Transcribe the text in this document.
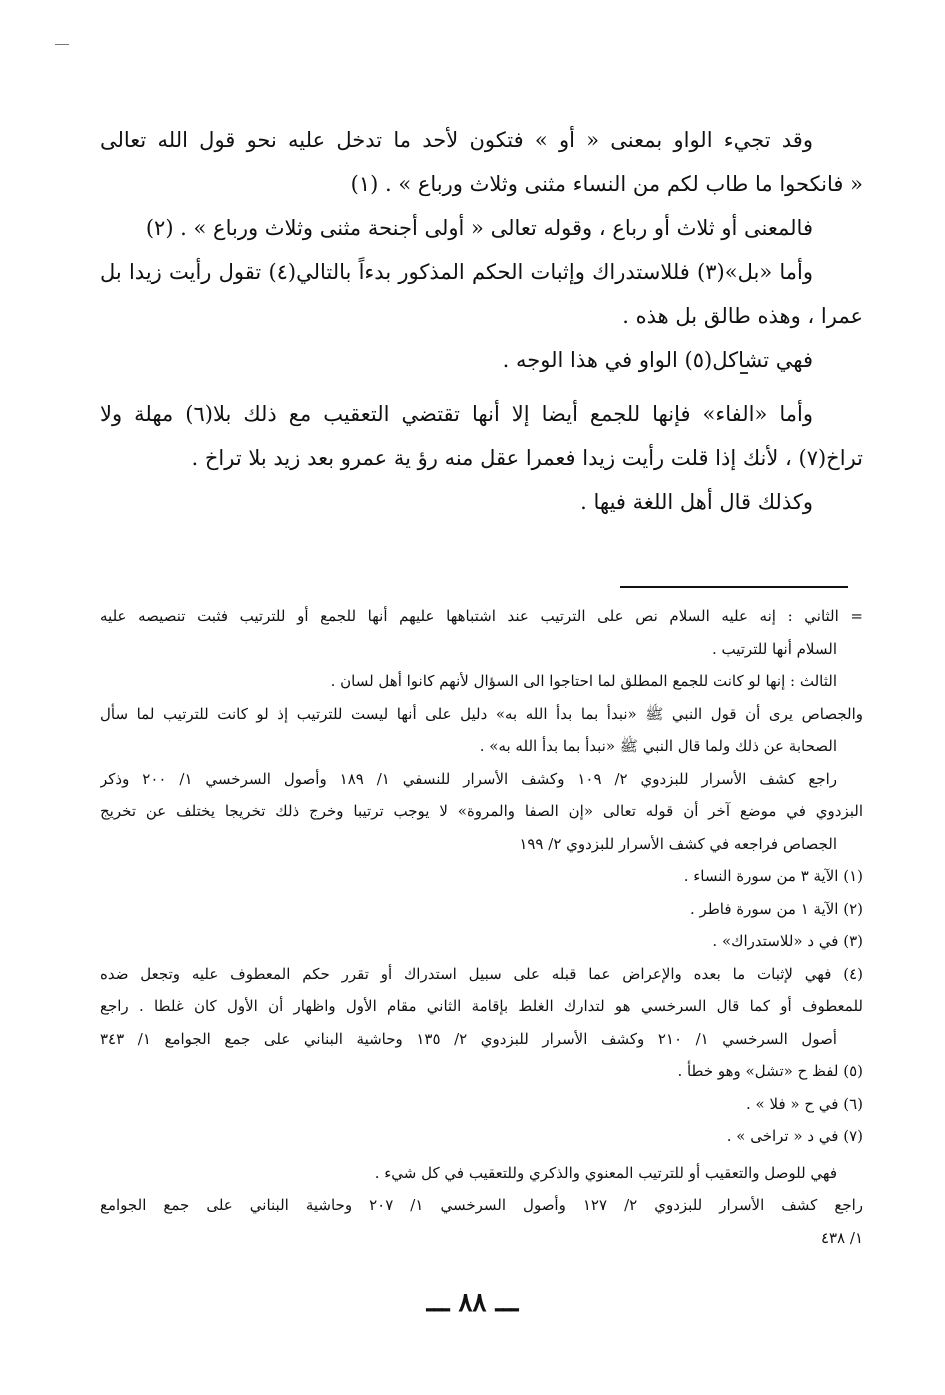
وقد تجيء الواو بمعنى « أو » فتكون لأحد ما تدخل عليه نحو قول الله تعالى
« فانكحوا ما طاب لكم من النساء مثنى وثلاث ورباع » . (١)
فالمعنى أو ثلاث أو رباع ، وقوله تعالى « أولى أجنحة مثنى وثلاث ورباع » . (٢)
وأما «بل»(٣) فللاستدراك وإثبات الحكم المذكور بدءاً بالتالي(٤) تقول رأيت زيدا بل
عمرا ، وهذه طالق بل هذه .
فهي تشاكل(٥) الواو في هذا الوجه .
وأما «الفاء» فإنها للجمع أيضا إلا أنها تقتضي التعقيب مع ذلك بلا(٦) مهلة ولا
تراخ(٧) ، لأنك إذا قلت رأيت زيدا فعمرا عقل منه رؤ ية عمرو بعد زيد بلا تراخ .
وكذلك قال أهل اللغة فيها .
= الثاني : إنه عليه السلام نص على الترتيب عند اشتباهها عليهم أنها للجمع أو للترتيب فثبت تنصيصه عليه
السلام أنها للترتيب .
الثالث : إنها لو كانت للجمع المطلق لما احتاجوا الى السؤال لأنهم كانوا أهل لسان .
والجصاص يرى أن قول النبي ﷺ «نبدأ بما بدأ الله به» دليل على أنها ليست للترتيب إذ لو كانت للترتيب لما سأل
الصحابة عن ذلك ولما قال النبي ﷺ «نبدأ بما بدأ الله به» .
راجع كشف الأسرار للبزدوي ٢/ ١٠٩ وكشف الأسرار للنسفي ١/ ١٨٩ وأصول السرخسي ١/ ٢٠٠ وذكر
البزدوي في موضع آخر أن قوله تعالى «إن الصفا والمروة» لا يوجب ترتيبا وخرج ذلك تخريجا يختلف عن تخريج
الجصاص فراجعه في كشف الأسرار للبزدوي ٢/ ١٩٩
(١) الآية ٣ من سورة النساء .
(٢) الآية ١ من سورة فاطر .
(٣) في د «للاستدراك» .
(٤) فهي لإثبات ما بعده والإعراض عما قبله على سبيل استدراك أو تقرر حكم المعطوف عليه وتجعل ضده
للمعطوف أو كما قال السرخسي هو لتدارك الغلط بإقامة الثاني مقام الأول واظهار أن الأول كان غلطا . راجع
أصول السرخسي ١/ ٢١٠ وكشف الأسرار للبزدوي ٢/ ١٣٥ وحاشية البناني على جمع الجوامع ١/ ٣٤٣
(٥) لفظ ح «تشل» وهو خطأ .
(٦) في ح « فلا » .
(٧) في د « تراخى » .
فهي للوصل والتعقيب أو للترتيب المعنوي والذكري وللتعقيب في كل شيء .
راجع كشف الأسرار للبزدوي ٢/ ١٢٧ وأصول السرخسي ١/ ٢٠٧ وحاشية البناني على جمع الجوامع
١/ ٤٣٨
ـــ ٨٨ ـــ
